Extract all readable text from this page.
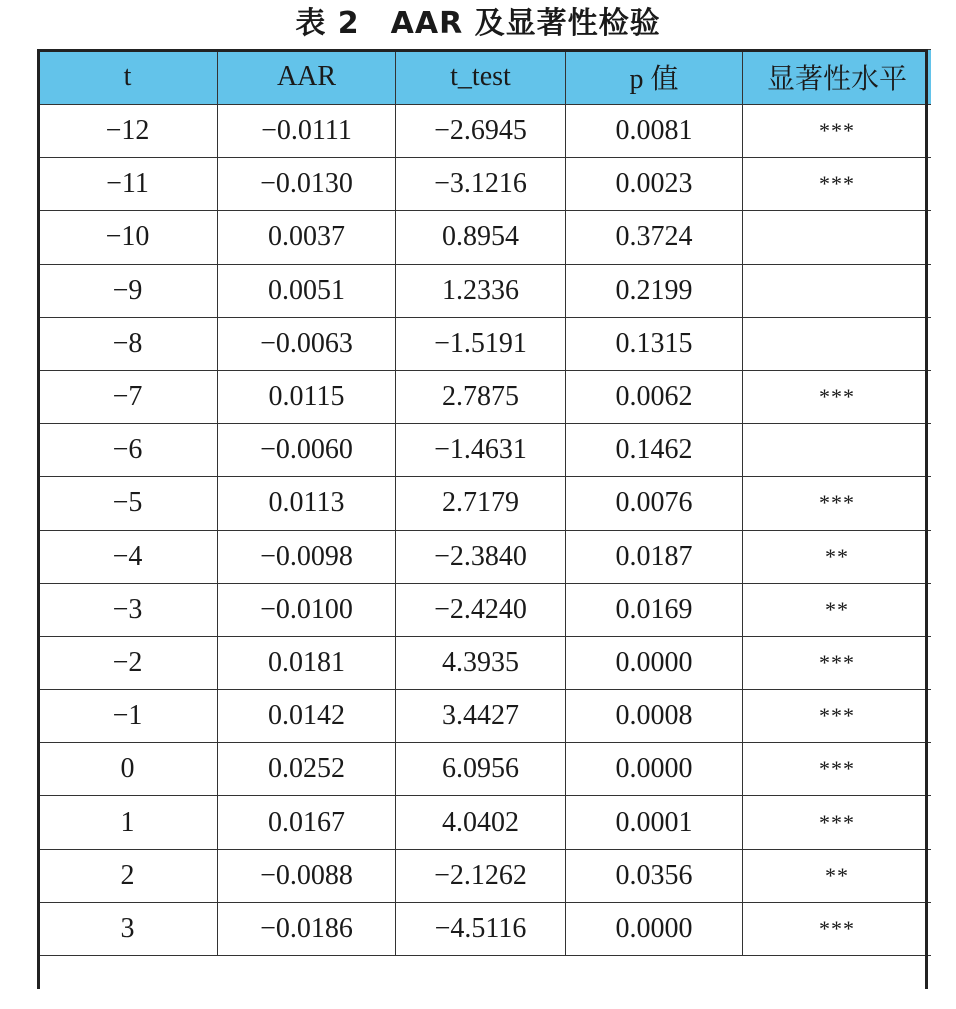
表 2　AAR 及显著性检验
t	AAR	t_test	p 值	显著性水平
−12	−0.0111	−2.6945	0.0081	***
−11	−0.0130	−3.1216	0.0023	***
−10	0.0037	0.8954	0.3724	
−9	0.0051	1.2336	0.2199	
−8	−0.0063	−1.5191	0.1315	
−7	0.0115	2.7875	0.0062	***
−6	−0.0060	−1.4631	0.1462	
−5	0.0113	2.7179	0.0076	***
−4	−0.0098	−2.3840	0.0187	**
−3	−0.0100	−2.4240	0.0169	**
−2	0.0181	4.3935	0.0000	***
−1	0.0142	3.4427	0.0008	***
0	0.0252	6.0956	0.0000	***
1	0.0167	4.0402	0.0001	***
2	−0.0088	−2.1262	0.0356	**
3	−0.0186	−4.5116	0.0000	***
